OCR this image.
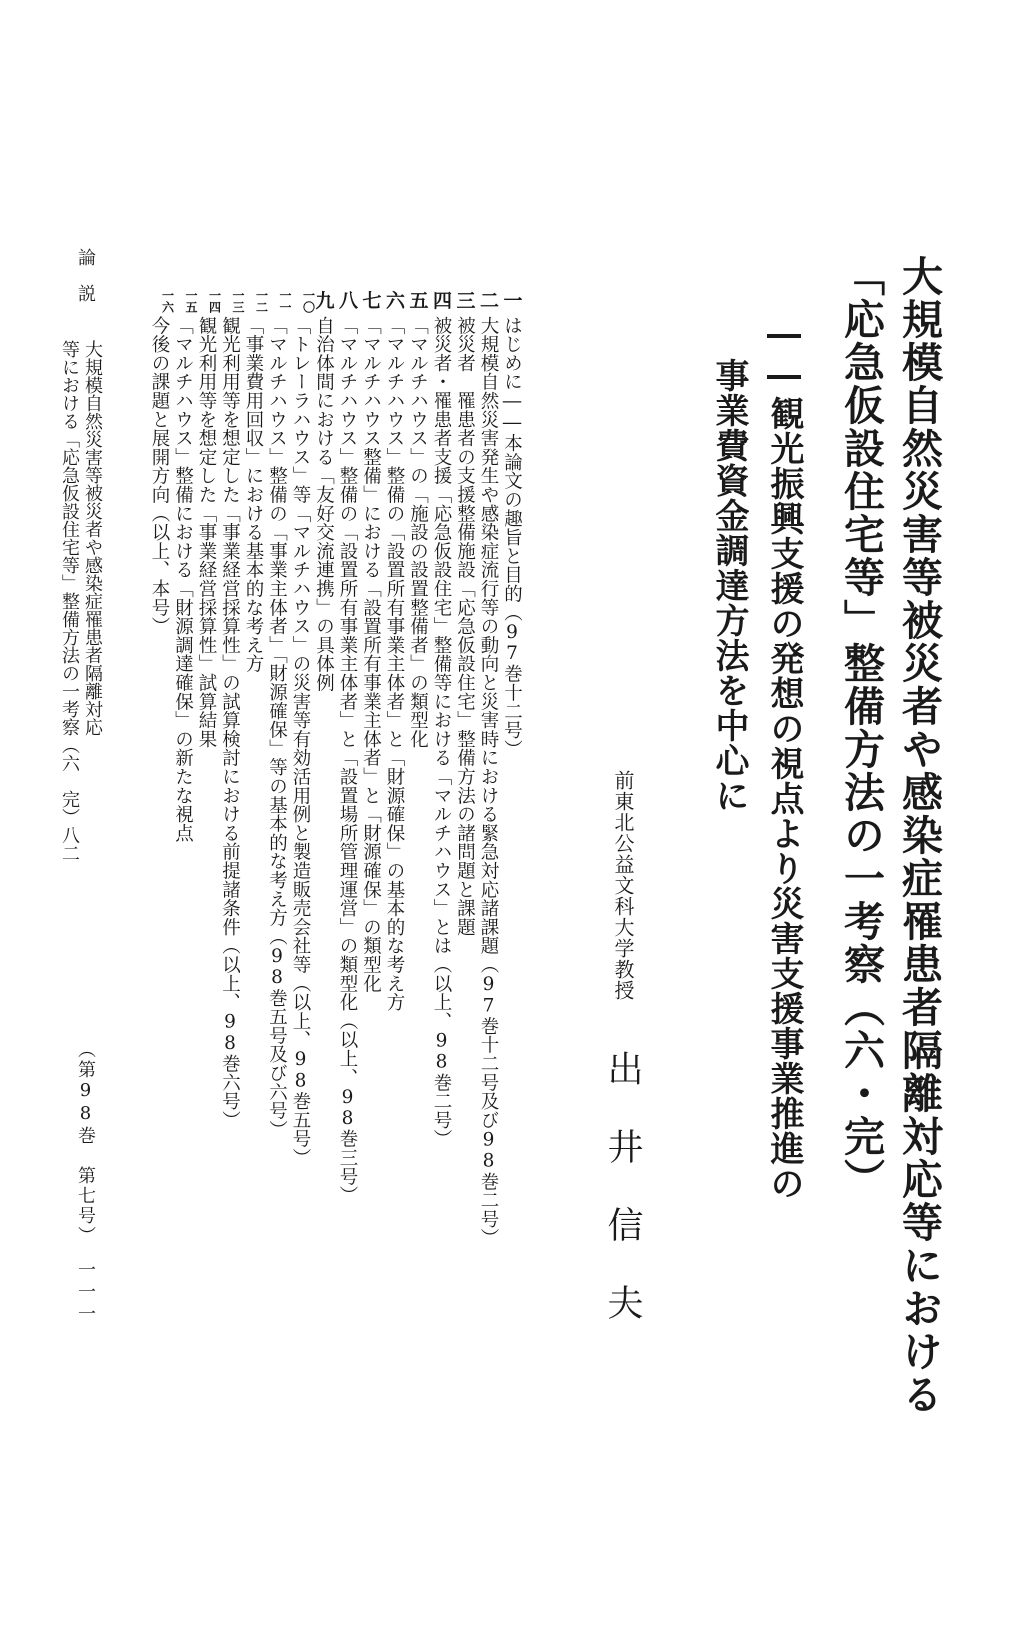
大規模自然災害等被災者や感染症罹患者隔離対応等における
「応急仮設住宅等」整備方法の一考察（六・完）
――観光振興支援の発想の視点より災害支援事業推進の
事業費資金調達方法を中心に
前東北公益文科大学教授
出井信夫
一
はじめに――本論文の趣旨と目的（97巻十二号）
二
大規模自然災害発生や感染症流行等の動向と災害時における緊急対応諸課題（97巻十二号及び98巻二号）
三
被災者　罹患者の支援整備施設「応急仮設住宅」整備方法の諸問題と課題
四
被災者・罹患者支援「応急仮設住宅」整備等における「マルチハウス」とは（以上、98巻二号）
五
「マルチハウス」の「施設の設置整備者」の類型化
六
「マルチハウス」整備の「設置所有事業主体者」と「財源確保」の基本的な考え方
七
「マルチハウス整備」における「設置所有事業主体者」と「財源確保」の類型化
八
「マルチハウス」整備の「設置所有事業主体者」と「設置場所管理運営」の類型化（以上、98巻三号）
九
自治体間における「友好交流連携」の具体例
一〇
「トレーラハウス」等「マルチハウス」の災害等有効活用例と製造販売会社等（以上、98巻五号）
一一
「マルチハウス」整備の「事業主体者」「財源確保」等の基本的な考え方（98巻五号及び六号）
一二
「事業費用回収」における基本的な考え方
一三
観光利用等を想定した「事業経営採算性」の試算検討における前提諸条件（以上、98巻六号）
一四
観光利用等を想定した「事業経営採算性」試算結果
一五
「マルチハウス」整備における「財源調達確保」の新たな視点
一六
今後の課題と展開方向（以上、本号）
論説
大規模自然災害等被災者や感染症罹患者隔離対応
等における「応急仮設住宅等」整備方法の一考察（六　完）八二
（第98巻　第七号）
一一一
